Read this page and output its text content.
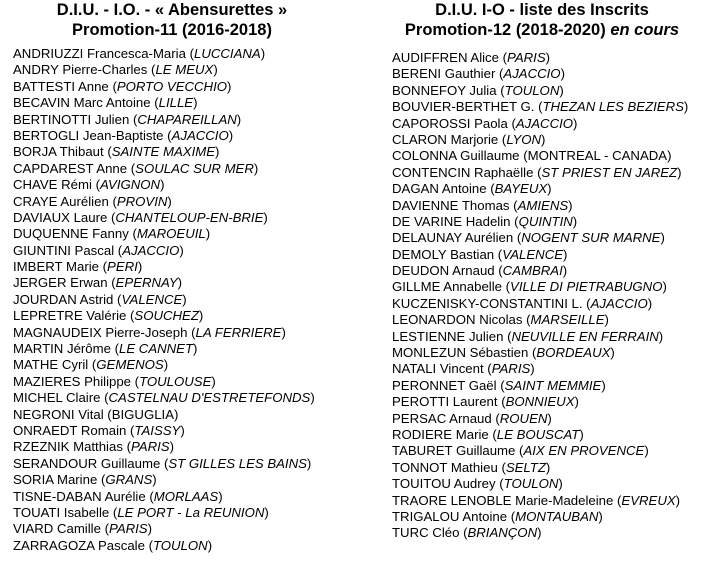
D.I.U. - I.O. - « Abensurettes »

Promotion-11 (2016-2018)

ANDRIUZZI Francesca-Maria (LUCCIANA)
ANDRY Pierre-Charles (LE MEUX)
BATTESTI Anne (PORTO VECCHIO)
BECAVIN Marc Antoine (LILLE)
BERTINOTTI Julien (CHAPAREILLAN)
BERTOGLI Jean-Baptiste (AJACCIO)
BORJA Thibaut (SAINTE MAXIME)
CAPDAREST Anne (SOULAC SUR MER)
CHAVE Rémi (AVIGNON)
CRAYE Aurélien (PROVIN)
DAVIAUX Laure (CHANTELOUP-EN-BRIE)
DUQUENNE Fanny (MAROEUIL)
GIUNTINI Pascal (AJACCIO)
IMBERT Marie (PERI)
JERGER Erwan (EPERNAY)
JOURDAN Astrid (VALENCE)
LEPRETRE Valérie (SOUCHEZ)
MAGNAUDEIX Pierre-Joseph (LA FERRIERE)
MARTIN Jérôme (LE CANNET)
MATHE Cyril (GEMENOS)
MAZIERES Philippe (TOULOUSE)
MICHEL Claire (CASTELNAU D'ESTRETEFONDS)
NEGRONI Vital (BIGUGLIA)
ONRAEDT Romain (TAISSY)
RZEZNIK Matthias (PARIS)
SERANDOUR Guillaume (ST GILLES LES BAINS)
SORIA Marine (GRANS)
TISNE-DABAN Aurélie (MORLAAS)
TOUATI Isabelle (LE PORT - La REUNION)
VIARD Camille (PARIS)
ZARRAGOZA Pascale (TOULON)

D.I.U. I-O - liste des Inscrits

Promotion-12 (2018-2020) en cours

AUDIFFREN Alice (PARIS)
BERENI Gauthier (AJACCIO)
BONNEFOY Julia (TOULON)
BOUVIER-BERTHET G. (THEZAN LES BEZIERS)
CAPOROSSI Paola (AJACCIO)
CLARON Marjorie (LYON)
COLONNA Guillaume (MONTREAL - CANADA)
CONTENCIN Raphaëlle (ST PRIEST EN JAREZ)
DAGAN Antoine (BAYEUX)
DAVIENNE Thomas (AMIENS)
DE VARINE Hadelin (QUINTIN)
DELAUNAY Aurélien (NOGENT SUR MARNE)
DEMOLY Bastian (VALENCE)
DEUDON Arnaud (CAMBRAI)
GILLME Annabelle (VILLE DI PIETRABUGNO)
KUCZENISKY-CONSTANTINI L. (AJACCIO)
LEONARDON Nicolas (MARSEILLE)
LESTIENNE Julien (NEUVILLE EN FERRAIN)
MONLEZUN Sébastien (BORDEAUX)
NATALI Vincent (PARIS)
PERONNET Gaël (SAINT MEMMIE)
PEROTTI Laurent (BONNIEUX)
PERSAC Arnaud (ROUEN)
RODIERE Marie (LE BOUSCAT)
TABURET Guillaume (AIX EN PROVENCE)
TONNOT Mathieu (SELTZ)
TOUITOU Audrey (TOULON)
TRAORE LENOBLE Marie-Madeleine (EVREUX)
TRIGALOU Antoine (MONTAUBAN)
TURC Cléo (BRIANÇON)
